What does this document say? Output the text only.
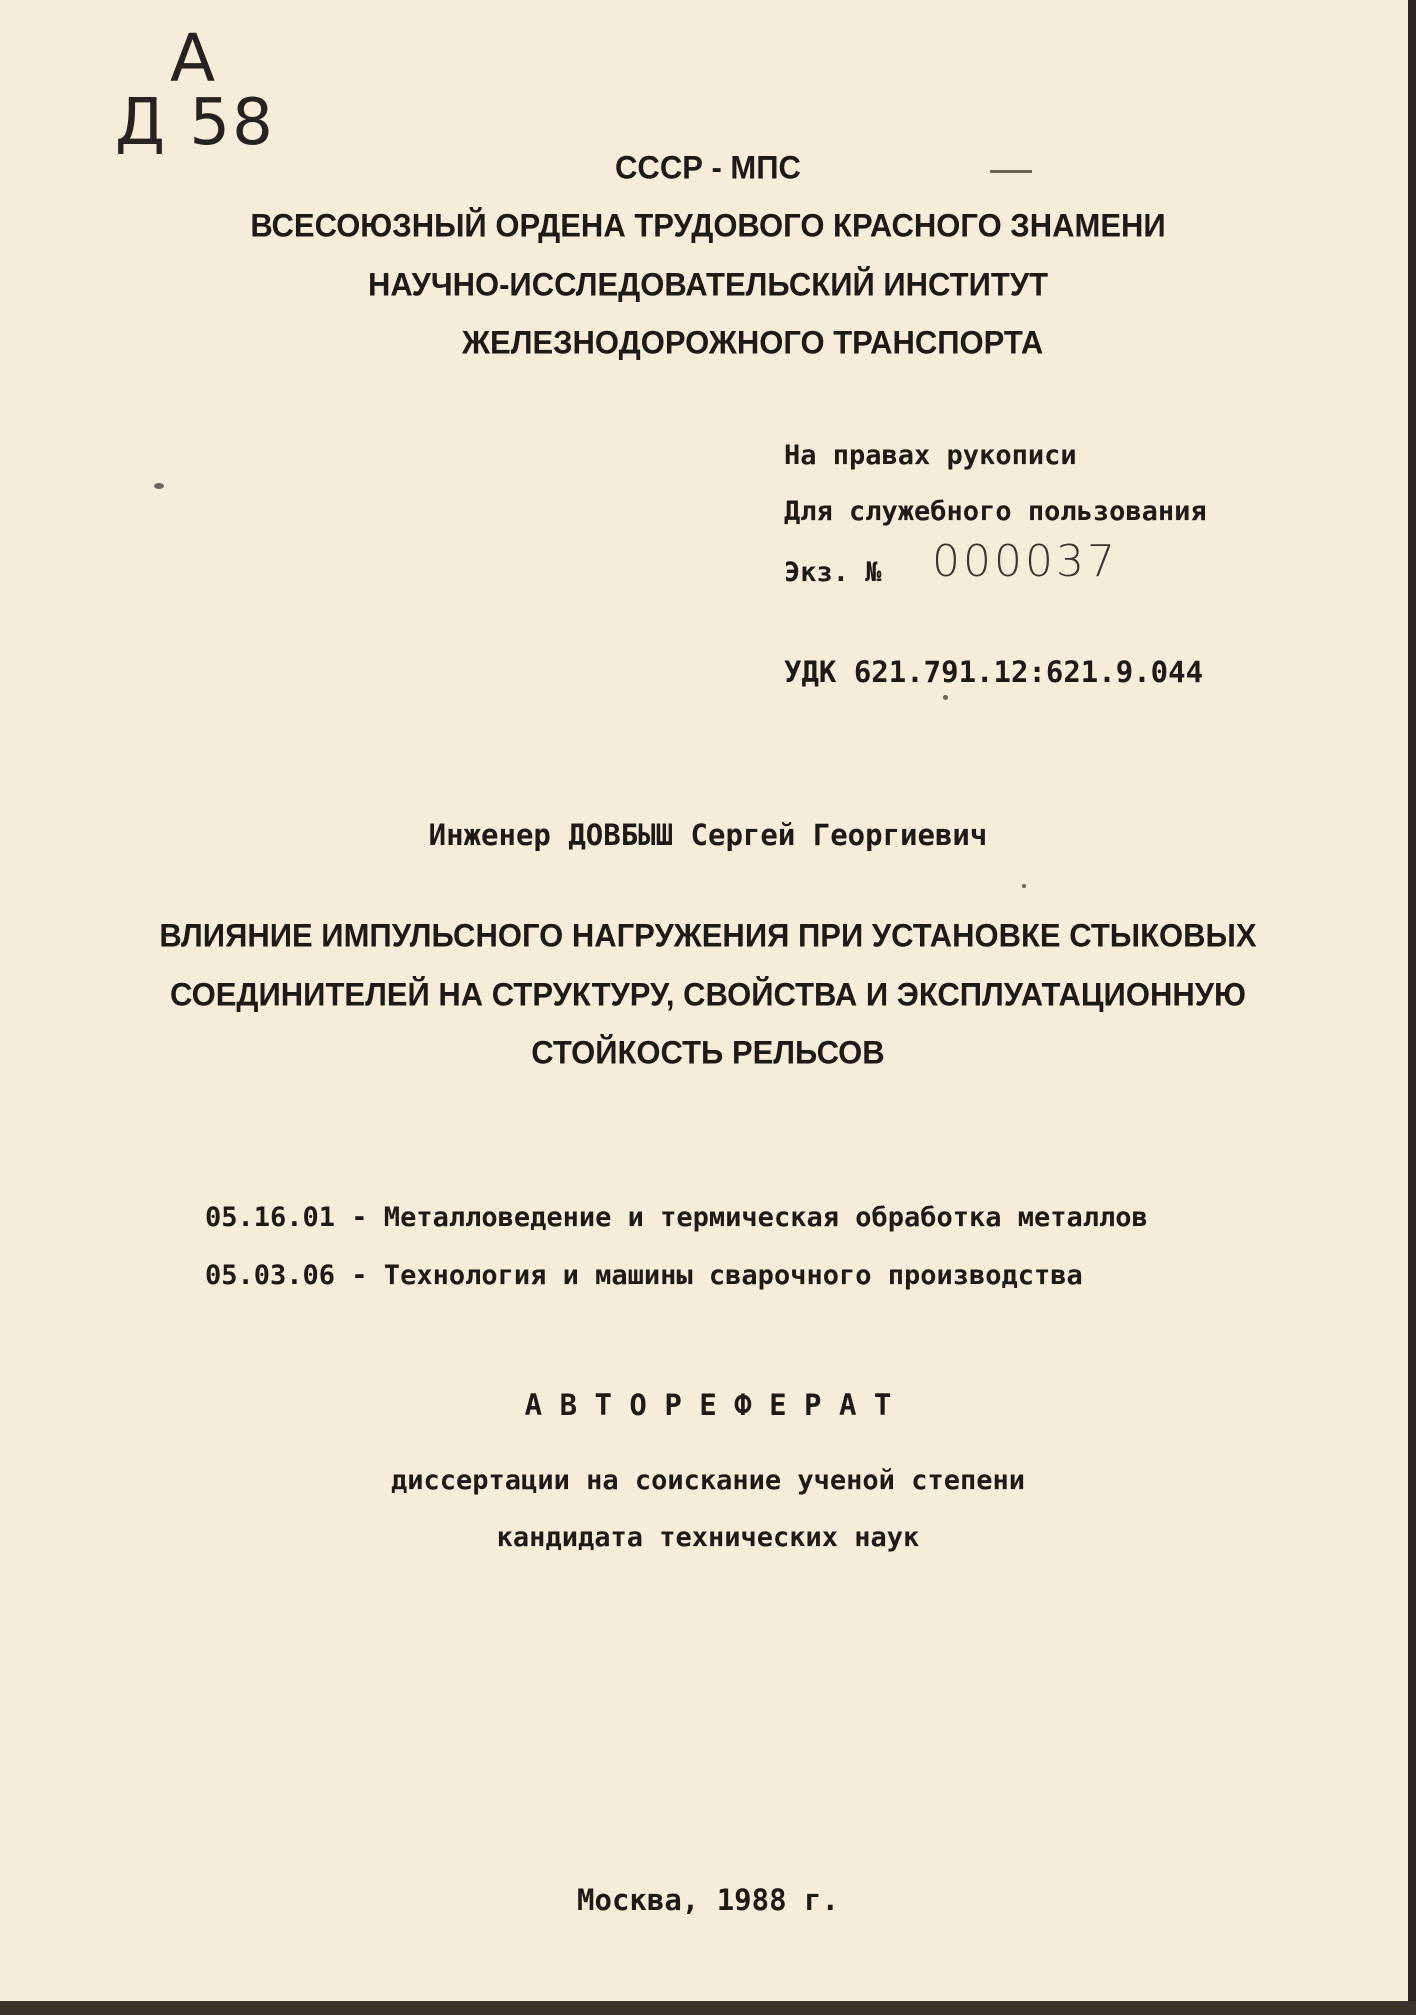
А
Д 58
СССР - МПС
ВСЕСОЮЗНЫЙ ОРДЕНА ТРУДОВОГО КРАСНОГО ЗНАМЕНИ
НАУЧНО-ИССЛЕДОВАТЕЛЬСКИЙ ИНСТИТУТ
ЖЕЛЕЗНОДОРОЖНОГО ТРАНСПОРТА
На правах рукописи
Для служебного пользования
Экз. № 000037
УДК 621.791.12:621.9.044
Инженер ДОВБЫШ Сергей Георгиевич
ВЛИЯНИЕ ИМПУЛЬСНОГО НАГРУЖЕНИЯ ПРИ УСТАНОВКЕ СТЫКОВЫХ
СОЕДИНИТЕЛЕЙ НА СТРУКТУРУ, СВОЙСТВА И ЭКСПЛУАТАЦИОННУЮ
СТОЙКОСТЬ РЕЛЬСОВ
05.16.01 - Металловедение и термическая обработка металлов
05.03.06 - Технология и машины сварочного производства
А В Т О Р Е Ф Е Р А Т
диссертации на соискание ученой степени
кандидата технических наук
Москва, 1988 г.
